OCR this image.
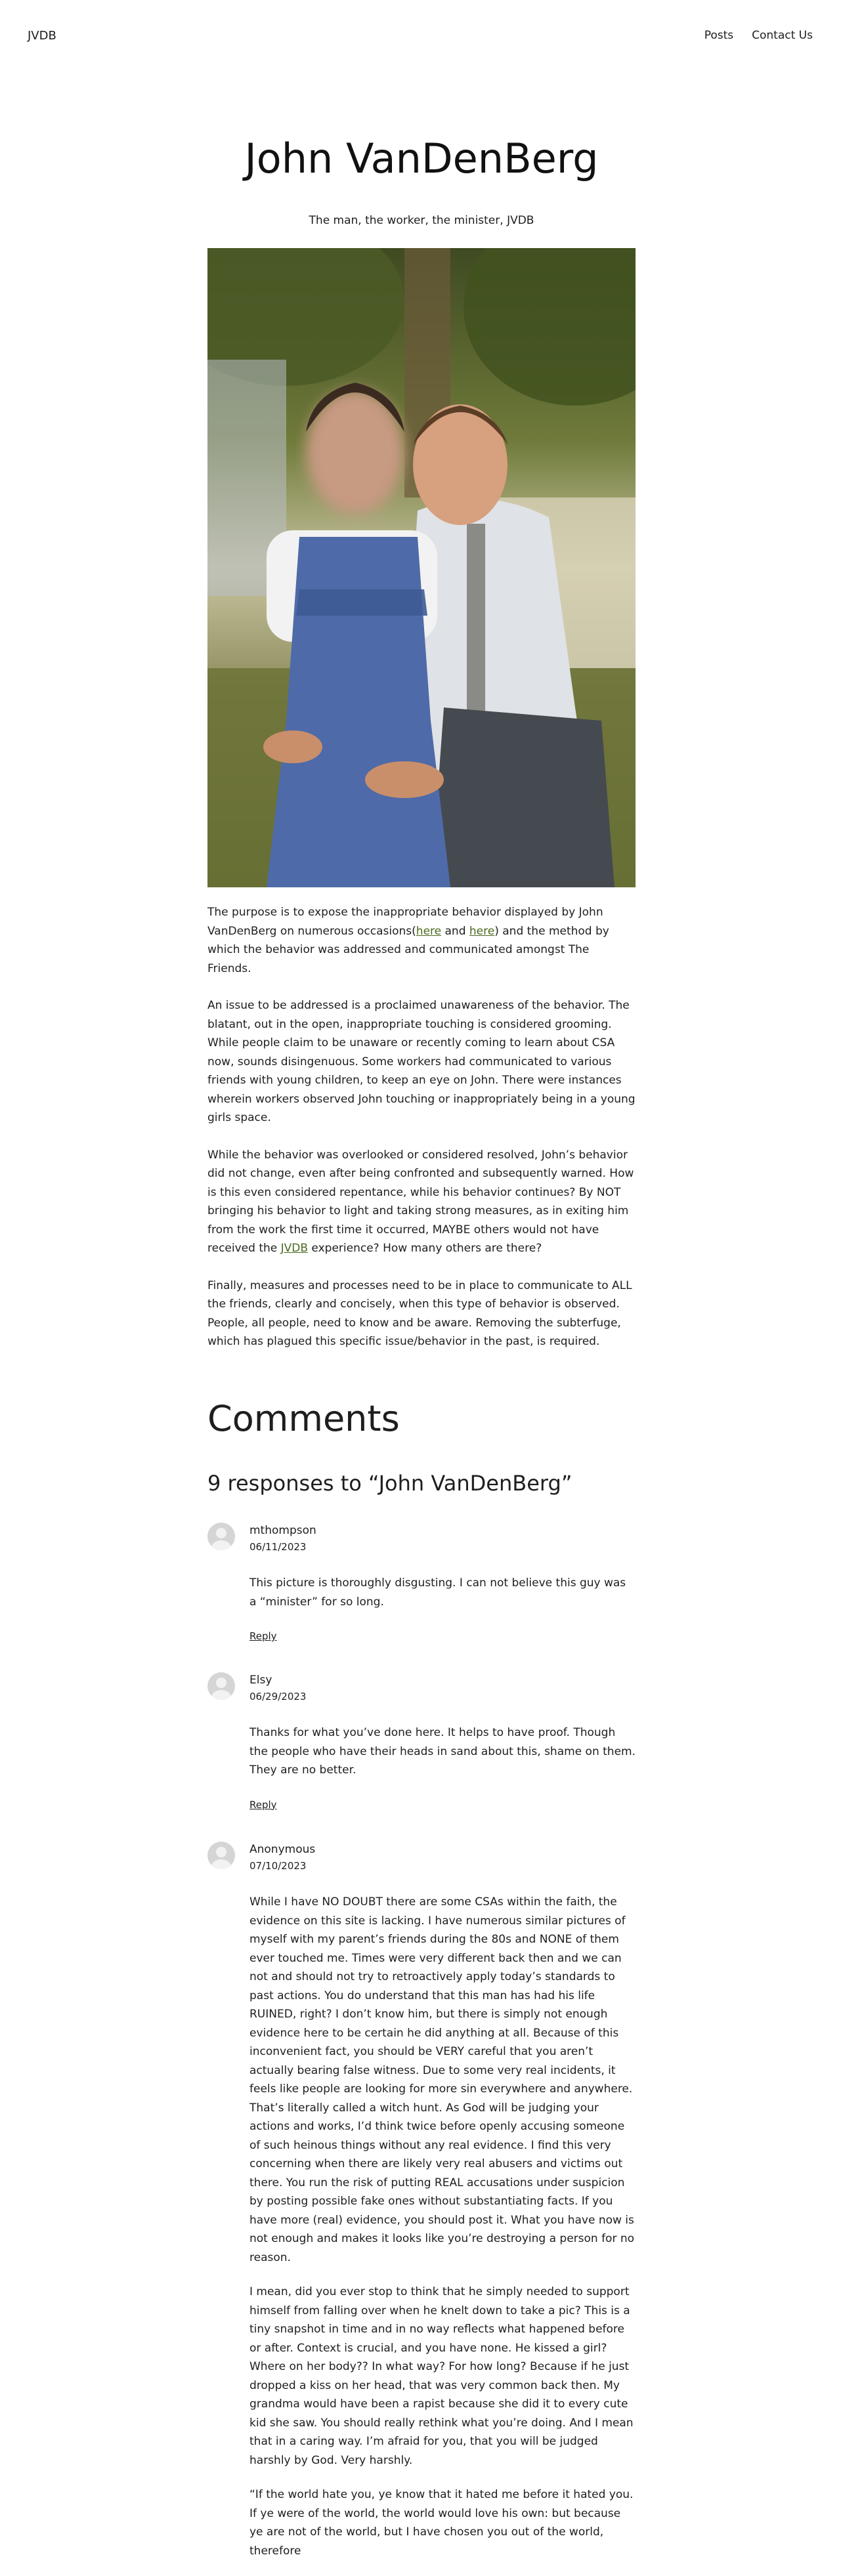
JVDB	Posts Contact Us
John VanDenBerg

The man, the worker, the minister, JVDB

The purpose is to expose the inappropriate behavior displayed by John VanDenBerg on numerous occasions(here and here) and the method by which the behavior was addressed and communicated amongst The Friends.

An issue to be addressed is a proclaimed unawareness of the behavior. The blatant, out in the open, inappropriate touching is considered grooming. While people claim to be unaware or recently coming to learn about CSA now, sounds disingenuous. Some workers had communicated to various friends with young children, to keep an eye on John. There were instances wherein workers observed John touching or inappropriately being in a young girls space.

While the behavior was overlooked or considered resolved, John’s behavior did not change, even after being confronted and subsequently warned. How is this even considered repentance, while his behavior continues? By NOT bringing his behavior to light and taking strong measures, as in exiting him from the work the first time it occurred, MAYBE others would not have received the JVDB experience? How many others are there?

Finally, measures and processes need to be in place to communicate to ALL the friends, clearly and concisely, when this type of behavior is observed. People, all people, need to know and be aware. Removing the subterfuge, which has plagued this specific issue/behavior in the past, is required.

Comments
9 responses to “John VanDenBerg”
mthompson
06/11/2023

This picture is thoroughly disgusting. I can not believe this guy was a “minister” for so long.

Reply
Elsy
06/29/2023

Thanks for what you’ve done here. It helps to have proof. Though the people who have their heads in sand about this, shame on them. They are no better.

Reply
Anonymous
07/10/2023

While I have NO DOUBT there are some CSAs within the faith, the evidence on this site is lacking. I have numerous similar pictures of myself with my parent’s friends during the 80s and NONE of them ever touched me. Times were very different back then and we can not and should not try to retroactively apply today’s standards to past actions. You do understand that this man has had his life RUINED, right? I don’t know him, but there is simply not enough evidence here to be certain he did anything at all. Because of this inconvenient fact, you should be VERY careful that you aren’t actually bearing false witness. Due to some very real incidents, it feels like people are looking for more sin everywhere and anywhere. That’s literally called a witch hunt. As God will be judging your actions and works, I’d think twice before openly accusing someone of such heinous things without any real evidence. I find this very concerning when there are likely very real abusers and victims out there. You run the risk of putting REAL accusations under suspicion by posting possible fake ones without substantiating facts. If you have more (real) evidence, you should post it. What you have now is not enough and makes it looks like you’re destroying a person for no reason.

I mean, did you ever stop to think that he simply needed to support himself from falling over when he knelt down to take a pic? This is a tiny snapshot in time and in no way reflects what happened before or after. Context is crucial, and you have none. He kissed a girl? Where on her body?? In what way? For how long? Because if he just dropped a kiss on her head, that was very common back then. My grandma would have been a rapist because she did it to every cute kid she saw. You should really rethink what you’re doing. And I mean that in a caring way. I’m afraid for you, that you will be judged harshly by God. Very harshly.

“If the world hate you, ye know that it hated me before it hated you. If ye were of the world, the world would love his own: but because ye are not of the world, but I have chosen you out of the world, therefore
